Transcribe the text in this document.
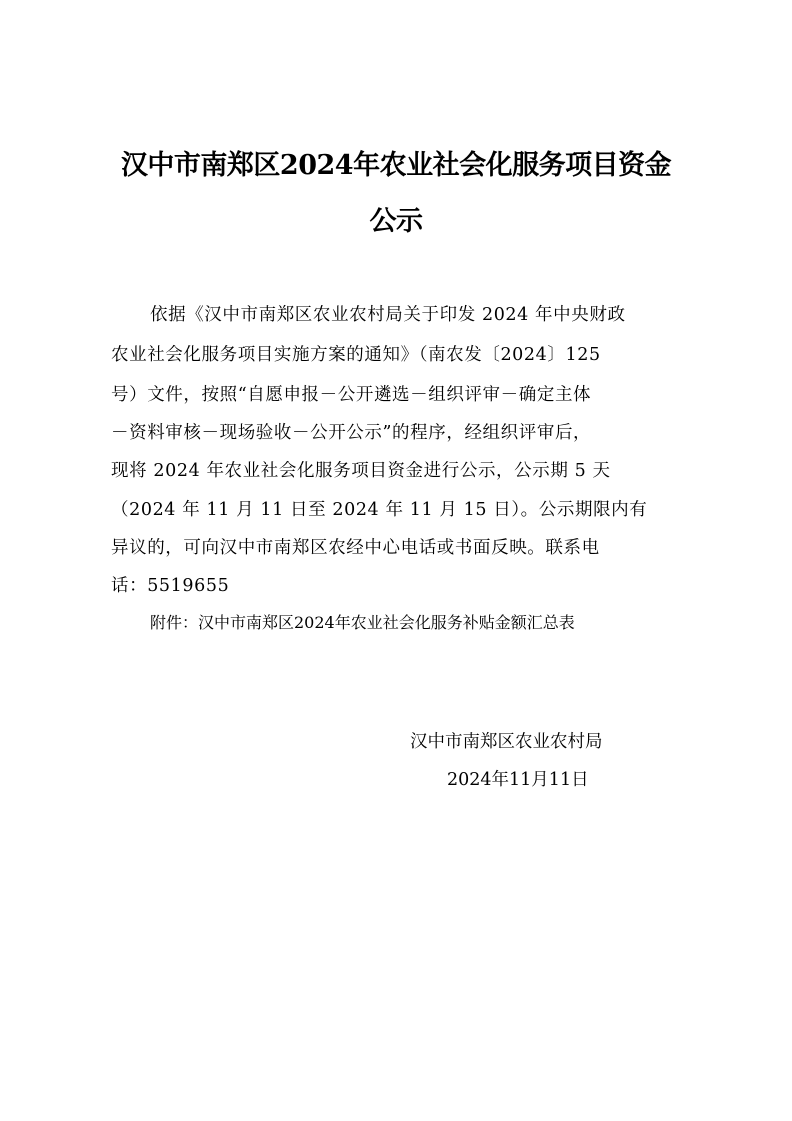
汉中市南郑区2024年农业社会化服务项目资金
公示
依据《汉中市南郑区农业农村局关于印发 2024 年中央财政
农业社会化服务项目实施方案的通知》（南农发〔2024〕125
号）文件，按照“自愿申报－公开遴选－组织评审－确定主体
－资料审核－现场验收－公开公示”的程序，经组织评审后，
现将 2024 年农业社会化服务项目资金进行公示，公示期 5 天
（2024 年 11 月 11 日至 2024 年 11 月 15 日）。公示期限内有
异议的，可向汉中市南郑区农经中心电话或书面反映。联系电
话：5519655
附件：汉中市南郑区2024年农业社会化服务补贴金额汇总表
汉中市南郑区农业农村局
2024年11月11日
